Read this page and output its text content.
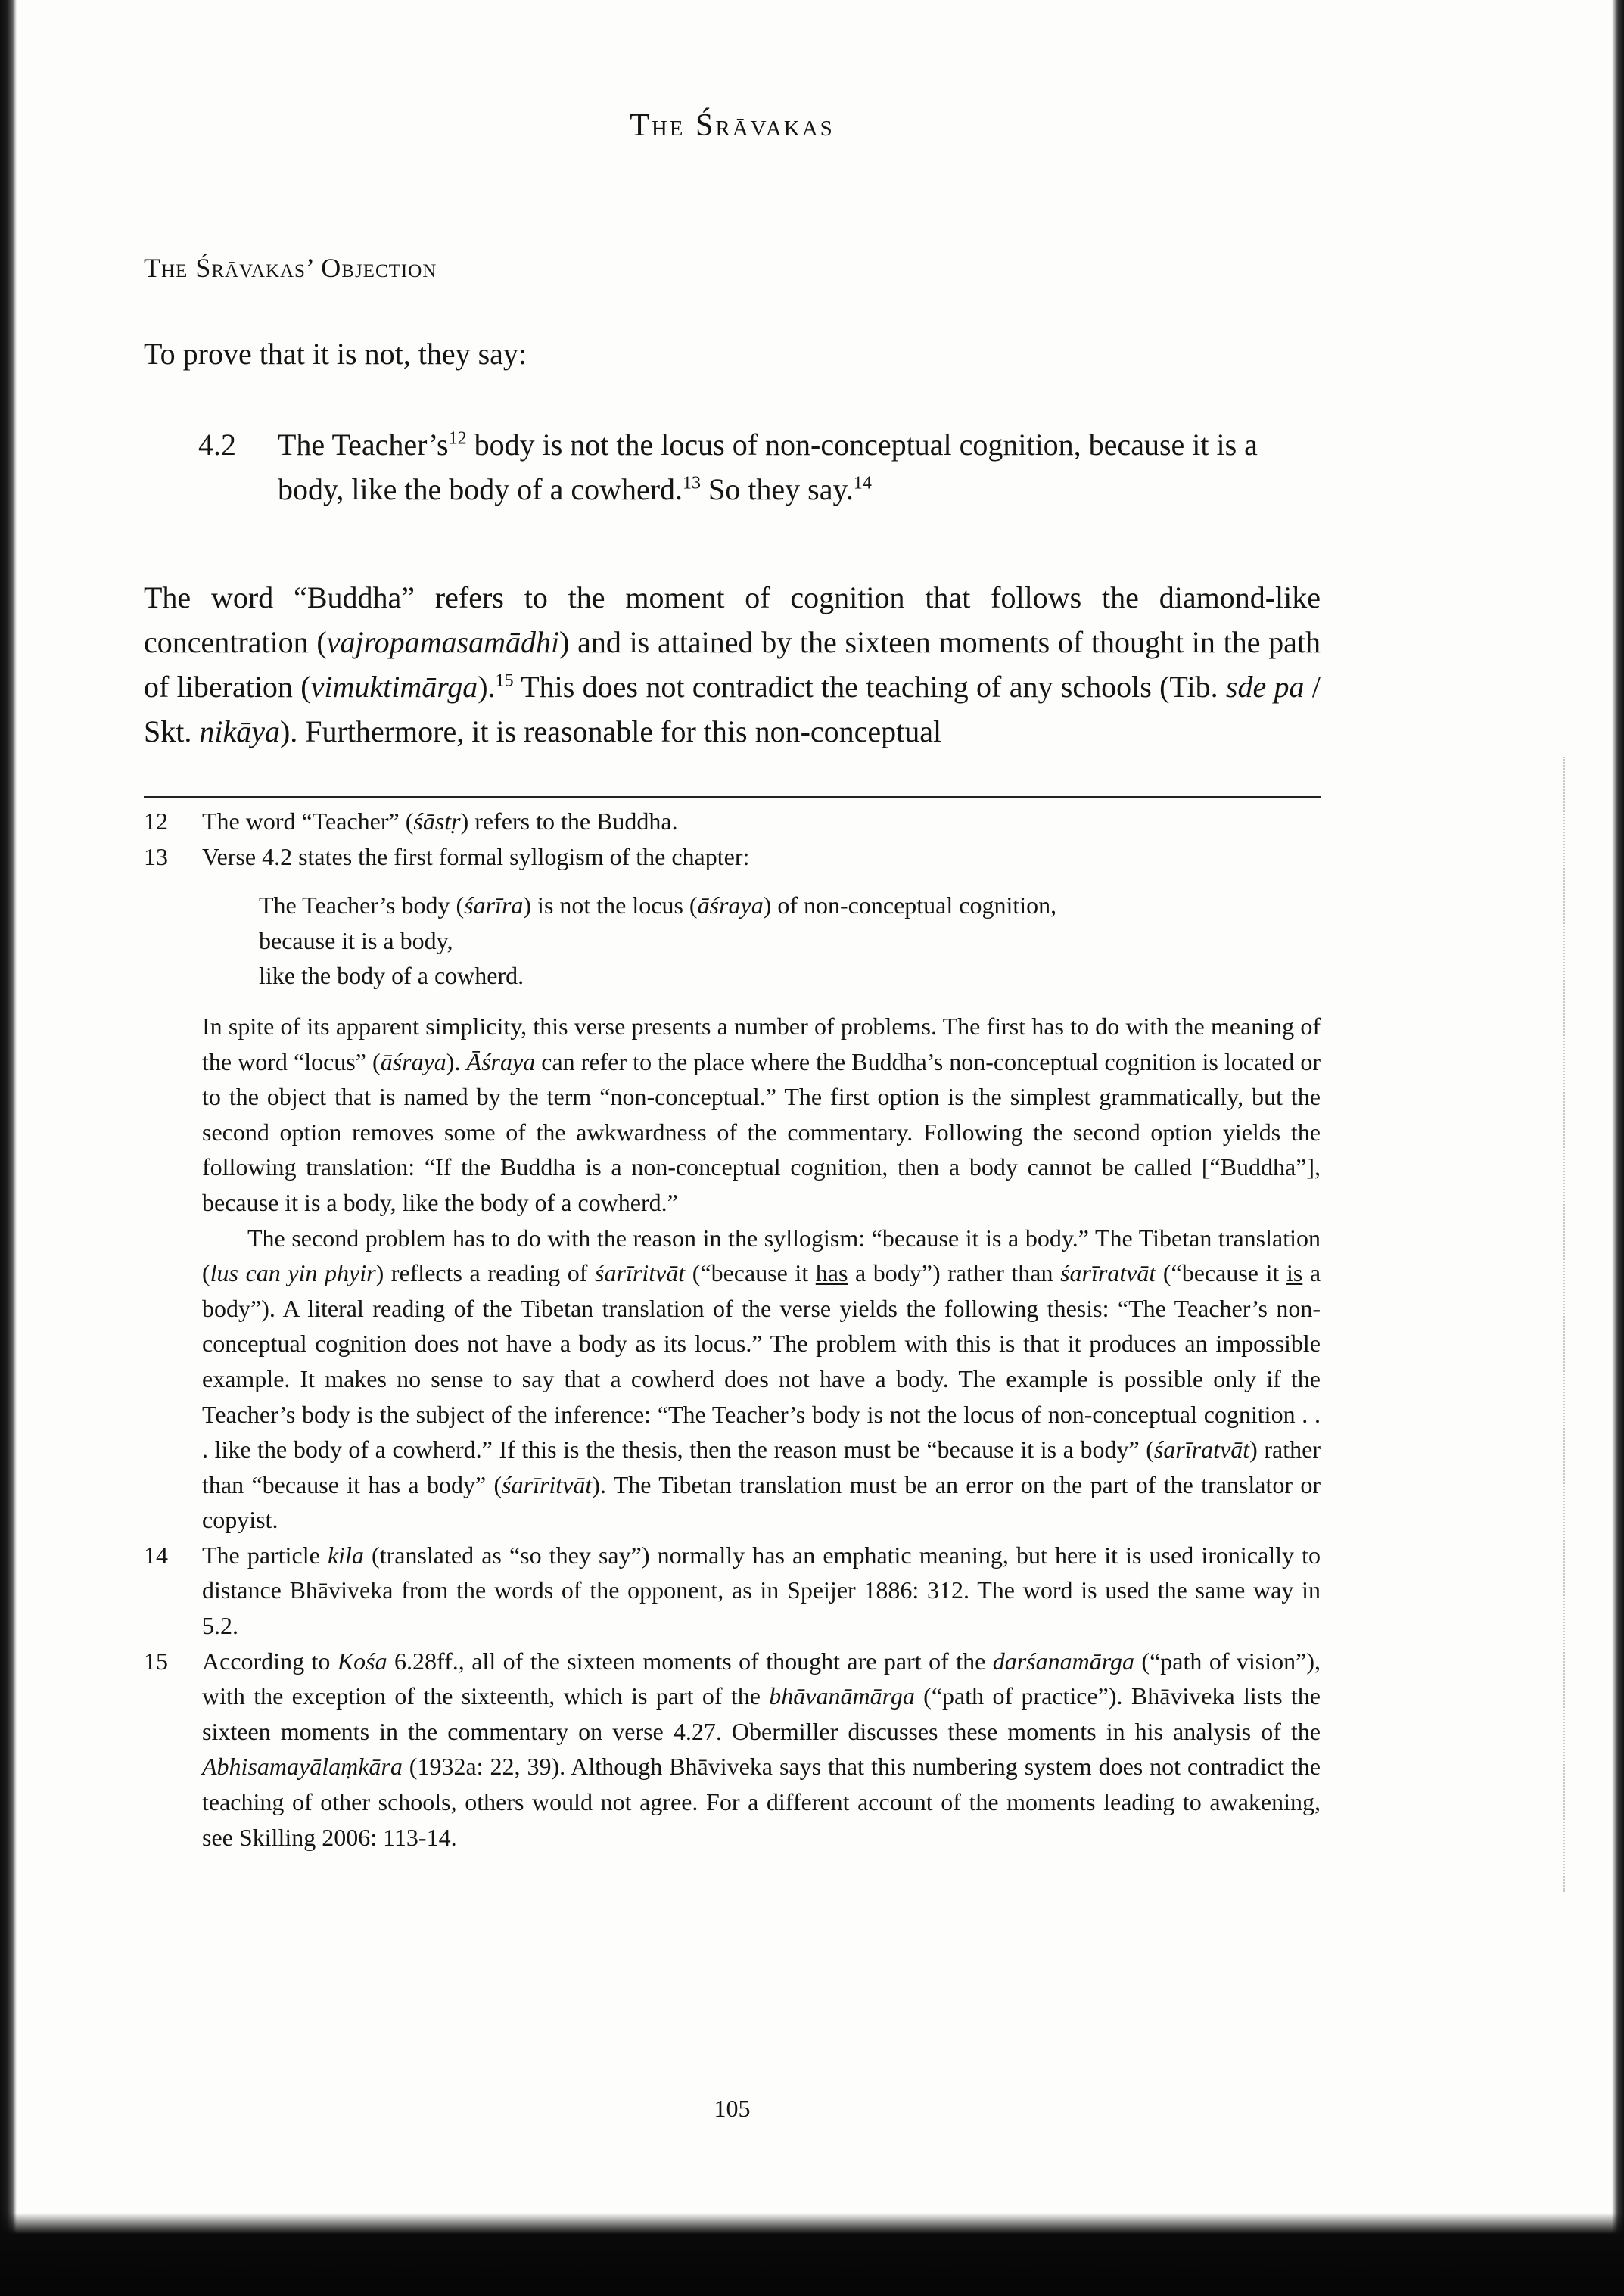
The Śrāvakas
The Śrāvakas’ Objection

To prove that it is not, they say:

4.2	The $Teacher’s^{12}$ body is not the locus of non-conceptual cognition, because it is a body, like the body of a cowherd.$^{13}$ So they say.$^{14}$

The word “Buddha” refers to the moment of cognition that follows the diamond-like concentration (vajropamasamādhi) and is attained by the sixteen moments of thought in the path of liberation (vimuktimārga).$^{15}$ This does not contradict the teaching of any schools (Tib. sde pa / Skt. nikāya). Furthermore, it is reasonable for this non-conceptual

12	The word “Teacher” (śāstṛ) refers to the Buddha.
13	Verse 4.2 states the first formal syllogism of the chapter:
The Teacher’s body (śarīra) is not the locus (āśraya) of non-conceptual cognition,
because it is a body,
like the body of a cowherd.

In spite of its apparent simplicity, this verse presents a number of problems. The first has to do with the meaning of the word “locus” (āśraya). Āśraya can refer to the place where the Buddha’s non-conceptual cognition is located or to the object that is named by the term “non-conceptual.” The first option is the simplest grammatically, but the second option removes some of the awkwardness of the commentary. Following the second option yields the following translation: “If the Buddha is a non-conceptual cognition, then a body cannot be called [“Buddha”], because it is a body, like the body of a cowherd.”

The second problem has to do with the reason in the syllogism: “because it is a body.” The Tibetan translation (lus can yin phyir) reflects a reading of śarīritvāt (“because it has a body”) rather than śarīratvāt (“because it is a body”). A literal reading of the Tibetan translation of the verse yields the following thesis: “The Teacher’s non-conceptual cognition does not have a body as its locus.” The problem with this is that it produces an impossible example. It makes no sense to say that a cowherd does not have a body. The example is possible only if the Teacher’s body is the subject of the inference: “The Teacher’s body is not the locus of non-conceptual cognition . . . like the body of a cowherd.” If this is the thesis, then the reason must be “because it is a body” (śarīratvāt) rather than “because it has a body” (śarīritvāt). The Tibetan translation must be an error on the part of the translator or copyist.

14	The particle kila (translated as “so they say”) normally has an emphatic meaning, but here it is used ironically to distance Bhāviveka from the words of the opponent, as in Speijer 1886: 312. The word is used the same way in 5.2.
15	According to Kośa 6.28ff., all of the sixteen moments of thought are part of the darśanamārga (“path of vision”), with the exception of the sixteenth, which is part of the bhāvanāmārga (“path of practice”). Bhāviveka lists the sixteen moments in the commentary on verse 4.27. Obermiller discusses these moments in his analysis of the Abhisamayālaṃkāra (1932a: 22, 39). Although Bhāviveka says that this numbering system does not contradict the teaching of other schools, others would not agree. For a different account of the moments leading to awakening, see Skilling 2006: 113-14.

105
